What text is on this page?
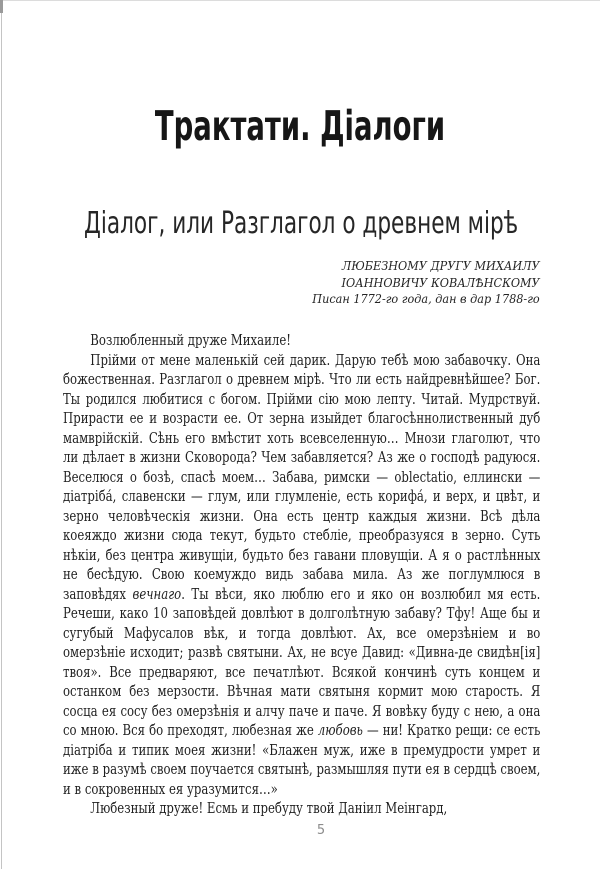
Трактати. Діалоги
Діалог, или Разглагол о древнем мірѣ
ЛЮБЕЗНОМУ ДРУГУ МИХАИЛУ
ІОАННОВИЧУ КОВАЛѢНСКОМУ
Писан 1772-го года, дан в дар 1788-го

Возлюбленный друже Михаиле!

Прійми от мене маленькій сей дарик. Дарую тебѣ мою забавочку. Она божественная. Разглагол о древнем мірѣ. Что ли есть найдревнѣйшее? Бог. Ты родился любитися с богом. Прійми сію мою лепту. Читай. Мудрствуй. Прирасти ее и возрасти ее. От зерна изыйдет благосѣннолиственный дуб мамврійскій. Сѣнь его вмѣстит хоть всевселенную… Мнози глаголют, что ли дѣлает в жизни Сковорода? Чем забавляется? Аз же о господѣ радуюся. Веселюся о бозѣ, спасѣ моем… Забава, римски — oblectatio, еллински — діатріба́, славенски — глум, или глумленіе, есть корифа́, и верх, и цвѣт, и зерно человѣческія жизни. Она есть центр каждыя жизни. Всѣ дѣла коеяждо жизни сюда текут, будьто стебліе, преобразуяся в зерно. Суть нѣкіи, без центра живущіи, будьто без гавани пловущіи. А я о растлѣнных не бесѣдую. Свою коемуждо видь забава мила. Аз же поглумлюся в заповѣдях вечнаго. Ты вѣси, яко люблю его и яко он возлюбил мя есть. Речеши, како 10 заповѣдей довлѣют в долголѣтную забаву? Тфу! Аще бы и сугубый Мафусалов вѣк, и тогда довлѣют. Ах, все омерзѣніем и во омерзѣніе исходит; развѣ святыни. Ах, не всуе Давид: «Дивна-де свидѣн[ія] твоя». Все предваряют, все печатлѣют. Всякой кончинѣ суть концем и останком без мерзости. Вѣчная мати святыня кормит мою старость. Я сосца ея сосу без омерзѣнія и алчу паче и паче. Я вовѣку буду с нею, а она со мною. Вся бо преходят, любезная же любовь — ни! Кратко рещи: се есть діатріба и типик моея жизни! «Блажен муж, иже в премудрости умрет и иже в разумѣ своем поучается святынѣ, размышляя пути ея в сердцѣ своем, и в сокровенных ея уразумится…»

Любезный друже! Есмь и пребуду твой Даніил Меінгард,

5
